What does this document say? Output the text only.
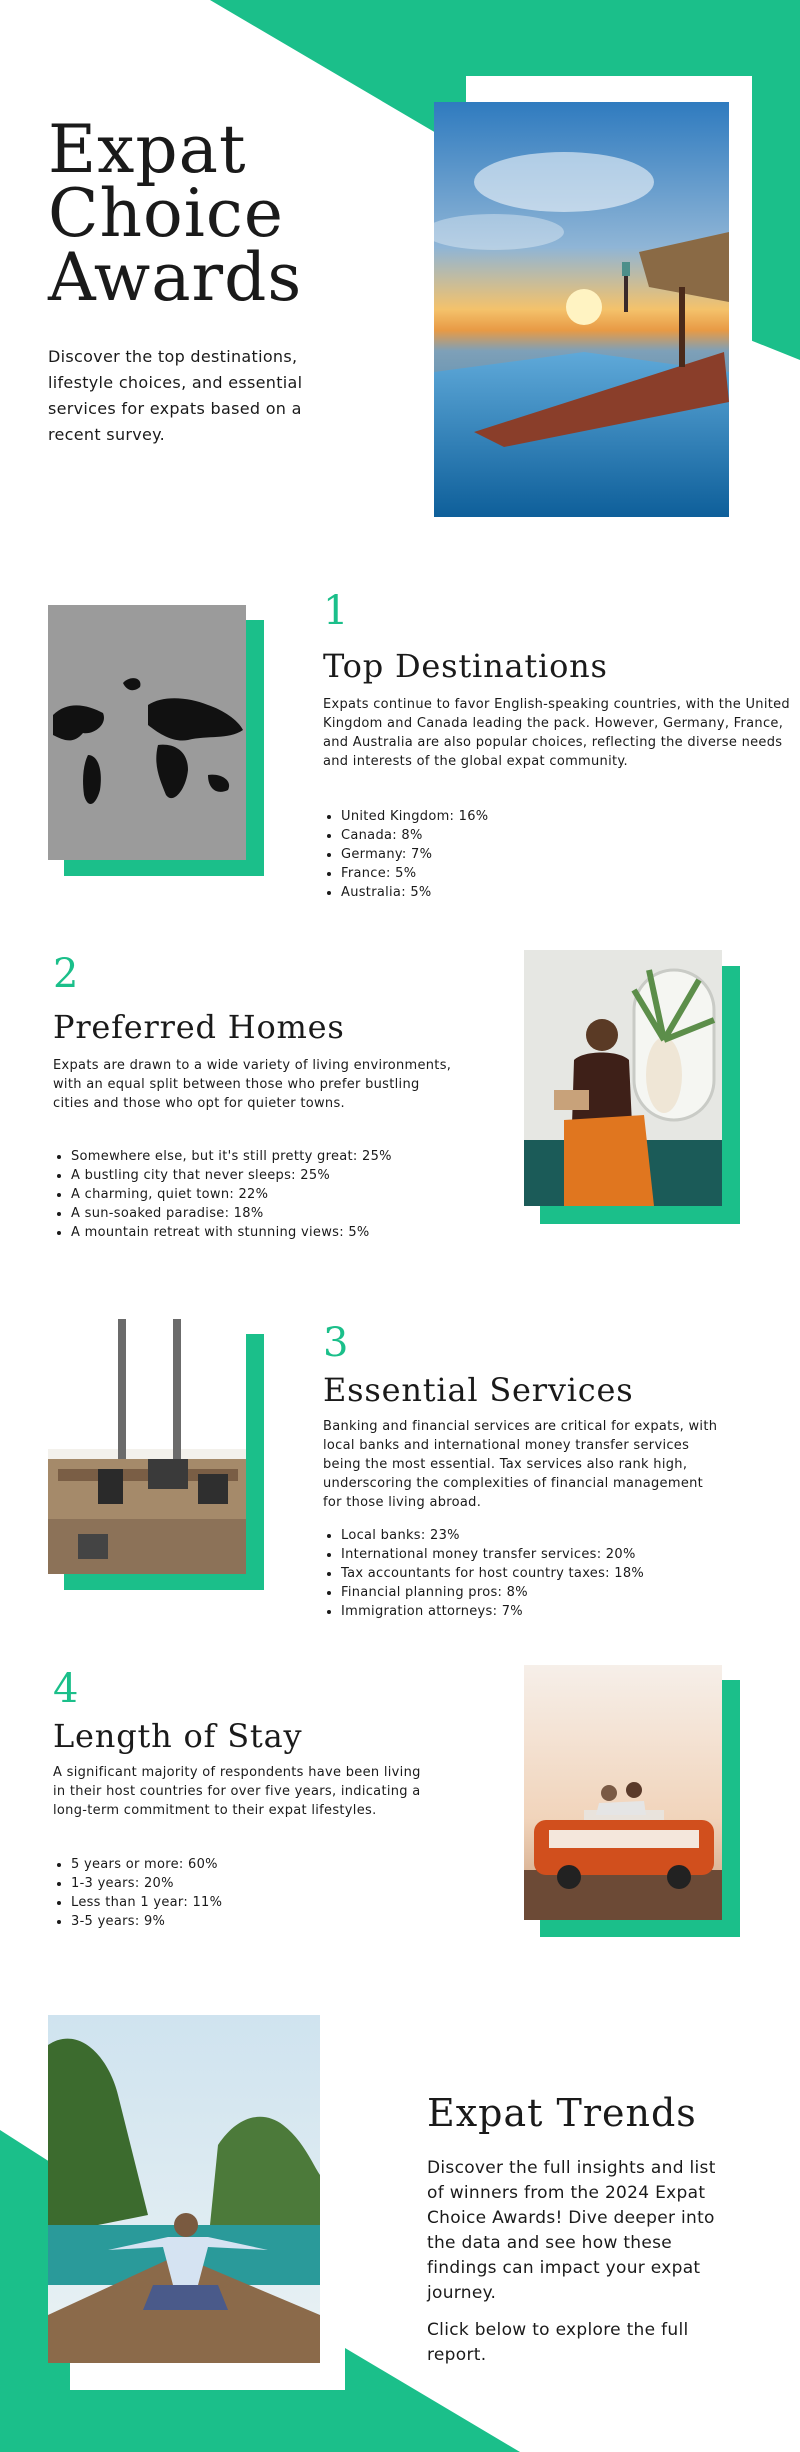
Expat
Choice
Awards

Discover the top destinations, lifestyle choices, and essential services for expats based on a recent survey.

1
Top Destinations

Expats continue to favor English-speaking countries, with the United Kingdom and Canada leading the pack. However, Germany, France, and Australia are also popular choices, reflecting the diverse needs and interests of the global expat community.

• United Kingdom: 16%
• Canada: 8%
• Germany: 7%
• France: 5%
• Australia: 5%
2
Preferred Homes

Expats are drawn to a wide variety of living environments, with an equal split between those who prefer bustling cities and those who opt for quieter towns.

• Somewhere else, but it's still pretty great: 25%
• A bustling city that never sleeps: 25%
• A charming, quiet town: 22%
• A sun-soaked paradise: 18%
• A mountain retreat with stunning views: 5%
3
Essential Services

Banking and financial services are critical for expats, with local banks and international money transfer services being the most essential. Tax services also rank high, underscoring the complexities of financial management for those living abroad.

• Local banks: 23%
• International money transfer services: 20%
• Tax accountants for host country taxes: 18%
• Financial planning pros: 8%
• Immigration attorneys: 7%
4
Length of Stay

A significant majority of respondents have been living in their host countries for over five years, indicating a long-term commitment to their expat lifestyles.

• 5 years or more: 60%
• 1-3 years: 20%
• Less than 1 year: 11%
• 3-5 years: 9%
Expat Trends

Discover the full insights and list of winners from the 2024 Expat Choice Awards! Dive deeper into the data and see how these findings can impact your expat journey.

Click below to explore the full report.
